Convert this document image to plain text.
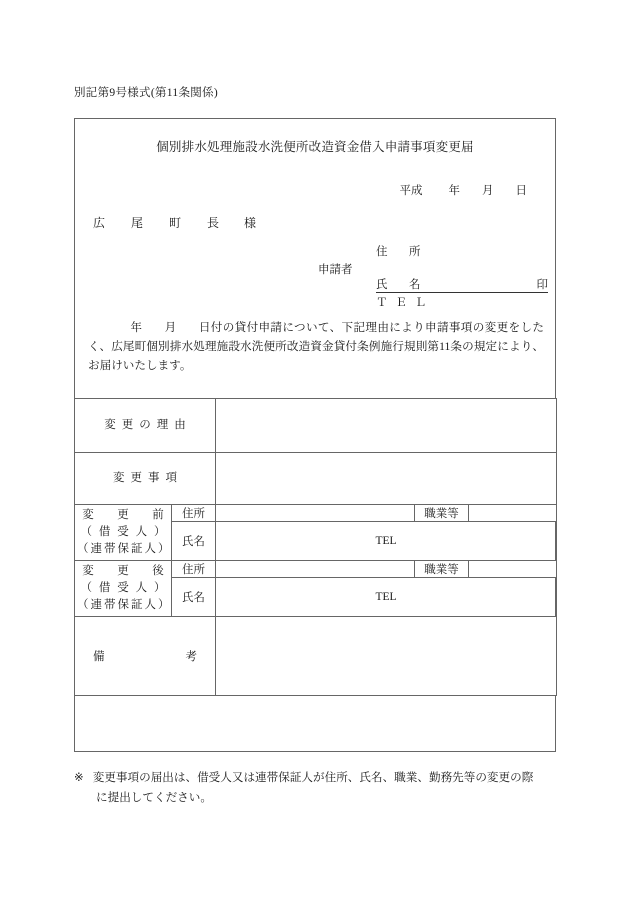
別記第9号様式(第11条関係)
個別排水処理施設水洗便所改造資金借入申請事項変更届
平成 年 月 日
広　尾　町　長 様
申請者
住　所
氏　名	印
Ｔ Ｅ Ｌ
年 月 日付の貸付申請について、下記理由により申請事項の変更をしたく、広尾町個別排水処理施設水洗便所改造資金貸付条例施行規則第11条の規定により、お届けいたします。
変更の理由				

変更事項				

変　更　前
（ 借 受 人 ）
（連帯保証人）	住所		職業等	
	氏名	TEL		

変　更　後
（ 借 受 人 ）
（連帯保証人）	住所		職業等	
	氏名	TEL		

備 考				

※ 変更事項の届出は、借受人又は連帯保証人が住所、氏名、職業、勤務先等の変更の際
に提出してください。
